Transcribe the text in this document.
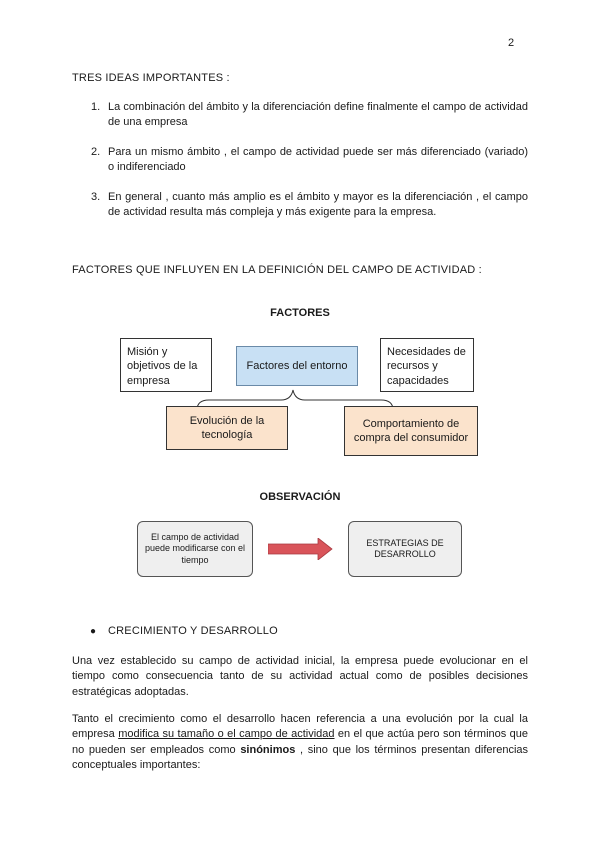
2
TRES IDEAS IMPORTANTES :
1. La combinación del ámbito y la diferenciación define finalmente el campo de actividad de una empresa
2. Para un mismo ámbito , el campo de actividad puede ser más diferenciado (variado) o indiferenciado
3. En general , cuanto más amplio es el ámbito y mayor es la diferenciación , el campo de actividad resulta más compleja y más exigente para la empresa.
FACTORES QUE INFLUYEN EN LA DEFINICIÓN DEL CAMPO DE ACTIVIDAD :
FACTORES
Misión y objetivos de la empresa
Factores del entorno
Necesidades de recursos y capacidades
Evolución de la tecnología
Comportamiento de compra del consumidor
OBSERVACIÓN
El campo de actividad puede modificarse con el tiempo
ESTRATEGIAS DE DESARROLLO
● CRECIMIENTO Y DESARROLLO

Una vez establecido su campo de actividad inicial, la empresa puede evolucionar en el tiempo como consecuencia tanto de su actividad actual como de posibles decisiones estratégicas adoptadas.

Tanto el crecimiento como el desarrollo hacen referencia a una evolución por la cual la empresa modifica su tamaño o el campo de actividad en el que actúa pero son términos que no pueden ser empleados como sinónimos , sino que los términos presentan diferencias conceptuales importantes:
